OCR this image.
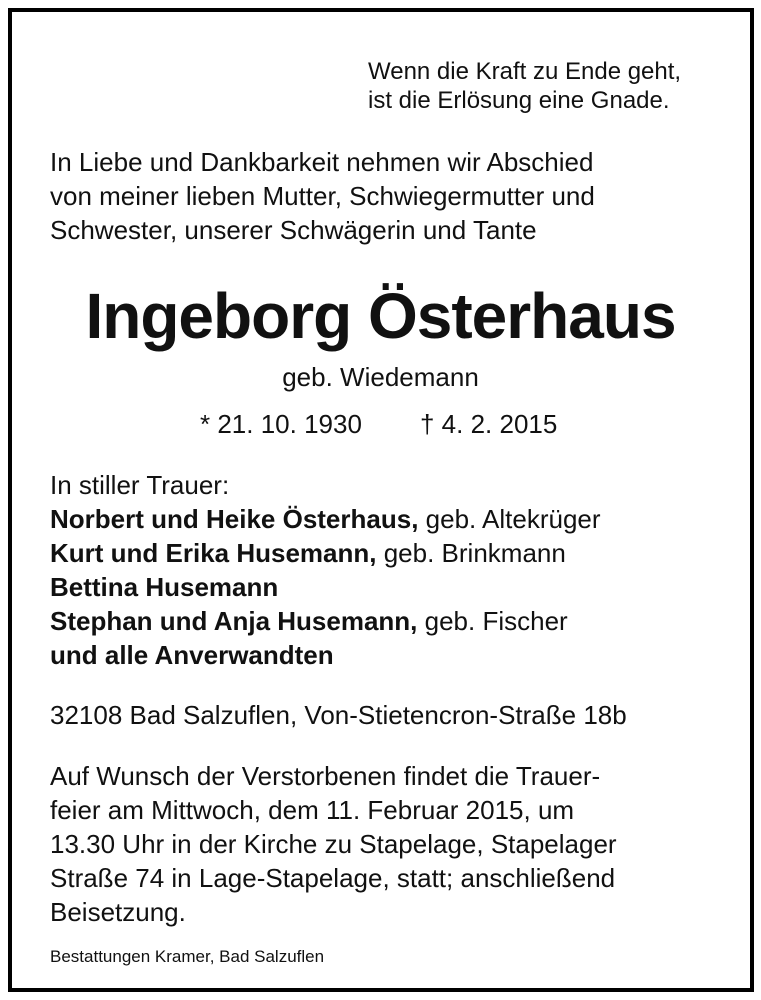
Wenn die Kraft zu Ende geht,
ist die Erlösung eine Gnade.
In Liebe und Dankbarkeit nehmen wir Abschied
von meiner lieben Mutter, Schwiegermutter und
Schwester, unserer Schwägerin und Tante
Ingeborg Österhaus
geb. Wiedemann
* 21. 10. 1930 † 4. 2. 2015
In stiller Trauer:
Norbert und Heike Österhaus, geb. Altekrüger
Kurt und Erika Husemann, geb. Brinkmann
Bettina Husemann
Stephan und Anja Husemann, geb. Fischer
und alle Anverwandten
32108 Bad Salzuflen, Von-Stietencron-Straße 18b
Auf Wunsch der Verstorbenen findet die Trauer-
feier am Mittwoch, dem 11. Februar 2015, um
13.30 Uhr in der Kirche zu Stapelage, Stapelager
Straße 74 in Lage-Stapelage, statt; anschließend
Beisetzung.
Bestattungen Kramer, Bad Salzuflen
